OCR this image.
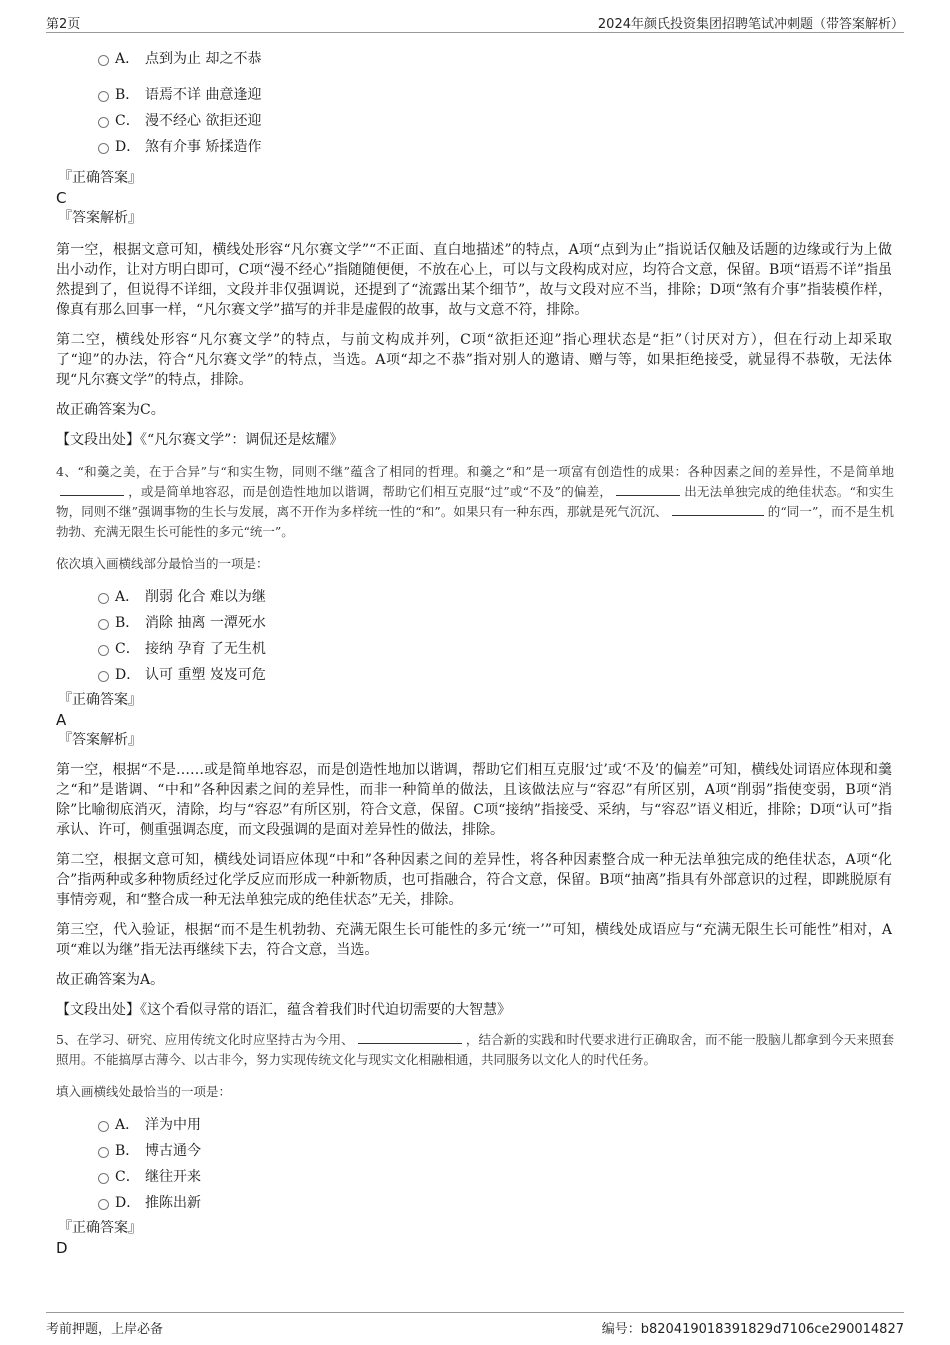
第2页	2024年颜氏投资集团招聘笔试冲刺题（带答案解析）
A． 点到为止 却之不恭
B． 语焉不详 曲意逢迎
C． 漫不经心 欲拒还迎
D． 煞有介事 矫揉造作
『正确答案』
C
『答案解析』

第一空，根据文意可知，横线处形容“凡尔赛文学”“不正面、直白地描述”的特点，A项“点到为止”指说话仅触及话题的边缘或行为上做出小动作，让对方明白即可，C项“漫不经心”指随随便便，不放在心上，可以与文段构成对应，均符合文意，保留。B项“语焉不详”指虽然提到了，但说得不详细，文段并非仅强调说，还提到了“流露出某个细节”，故与文段对应不当，排除；D项“煞有介事”指装模作样，像真有那么回事一样，“凡尔赛文学”描写的并非是虚假的故事，故与文意不符，排除。

第二空，横线处形容“凡尔赛文学”的特点，与前文构成并列，C项“欲拒还迎”指心理状态是“拒”（讨厌对方），但在行动上却采取了“迎”的办法，符合“凡尔赛文学”的特点，当选。A项“却之不恭”指对别人的邀请、赠与等，如果拒绝接受，就显得不恭敬，无法体现“凡尔赛文学”的特点，排除。

故正确答案为C。

【文段出处】《“凡尔赛文学”：调侃还是炫耀》

4、“和羹之美，在于合异”与“和实生物，同则不继”蕴含了相同的哲理。和羹之“和”是一项富有创造性的成果：各种因素之间的差异性，不是简单地，或是简单地容忍，而是创造性地加以谐调，帮助它们相互克服“过”或“不及”的偏差，	出无法单独完成的绝佳状态。“和实生物，同则不继”强调事物的生长与发展，离不开作为多样统一性的“和”。如果只有一种东西，那就是死气沉沉、	的“同一”，而不是生机勃勃、充满无限生长可能性的多元“统一”。
依次填入画横线部分最恰当的一项是：
A． 削弱 化合 难以为继
B． 消除 抽离 一潭死水
C． 接纳 孕育 了无生机
D． 认可 重塑 岌岌可危
『正确答案』
A
『答案解析』

第一空，根据“不是……或是简单地容忍，而是创造性地加以谐调，帮助它们相互克服‘过’或‘不及’的偏差”可知，横线处词语应体现和羹之“和”是谐调、“中和”各种因素之间的差异性，而非一种简单的做法，且该做法应与“容忍”有所区别，A项“削弱”指使变弱，B项“消除”比喻彻底消灭，清除，均与“容忍”有所区别，符合文意，保留。C项“接纳”指接受、采纳，与“容忍”语义相近，排除；D项“认可”指承认、许可，侧重强调态度，而文段强调的是面对差异性的做法，排除。

第二空，根据文意可知，横线处词语应体现“中和”各种因素之间的差异性，将各种因素整合成一种无法单独完成的绝佳状态，A项“化合”指两种或多种物质经过化学反应而形成一种新物质，也可指融合，符合文意，保留。B项“抽离”指具有外部意识的过程，即跳脱原有事情旁观，和“整合成一种无法单独完成的绝佳状态”无关，排除。

第三空，代入验证，根据“而不是生机勃勃、充满无限生长可能性的多元‘统一’”可知，横线处成语应与“充满无限生长可能性”相对，A项“难以为继”指无法再继续下去，符合文意，当选。

故正确答案为A。

【文段出处】《这个看似寻常的语汇，蕴含着我们时代迫切需要的大智慧》

5、在学习、研究、应用传统文化时应坚持古为今用、	，结合新的实践和时代要求进行正确取舍，而不能一股脑儿都拿到今天来照套照用。不能搞厚古薄今、以古非今，努力实现传统文化与现实文化相融相通，共同服务以文化人的时代任务。
填入画横线处最恰当的一项是：
A． 洋为中用
B． 博古通今
C． 继往开来
D． 推陈出新
『正确答案』
D
考前押题，上岸必备	编号：b820419018391829d7106ce290014827
